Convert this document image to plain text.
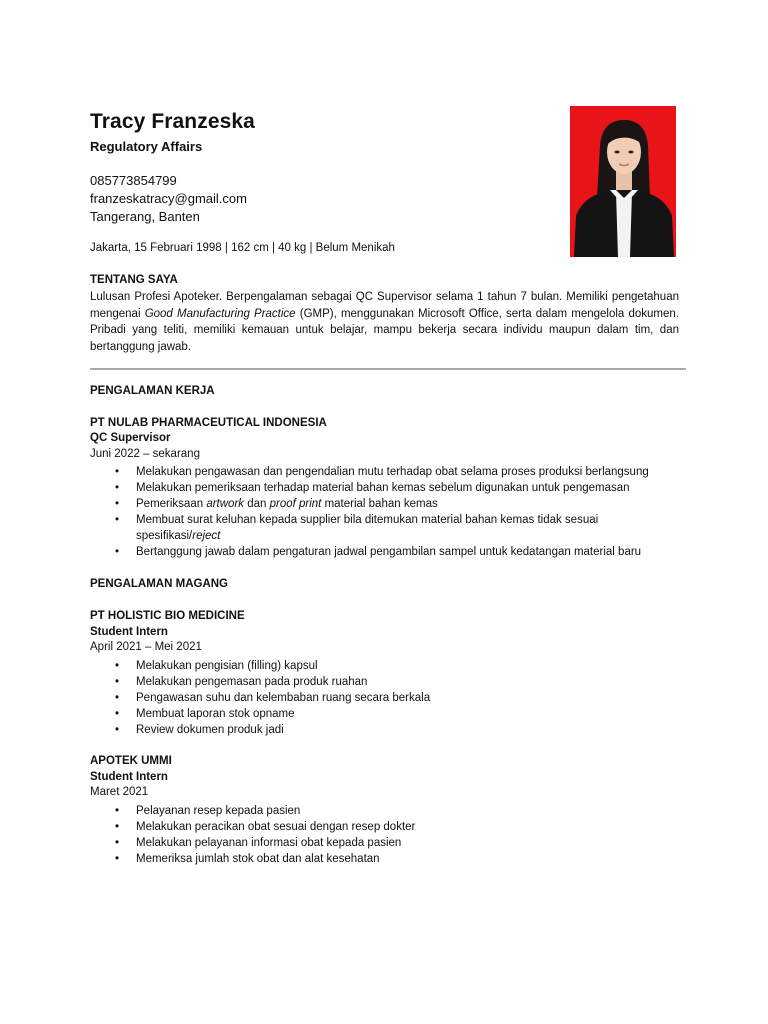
Tracy Franzeska
Regulatory Affairs
085773854799
franzeskatracy@gmail.com
Tangerang, Banten
Jakarta, 15 Februari 1998 | 162 cm | 40 kg | Belum Menikah
TENTANG SAYA

Lulusan Profesi Apoteker. Berpengalaman sebagai QC Supervisor selama 1 tahun 7 bulan. Memiliki pengetahuan mengenai Good Manufacturing Practice (GMP), menggunakan Microsoft Office, serta dalam mengelola dokumen. Pribadi yang teliti, memiliki kemauan untuk belajar, mampu bekerja secara individu maupun dalam tim, dan bertanggung jawab.

PENGALAMAN KERJA
PT NULAB PHARMACEUTICAL INDONESIA
QC Supervisor
Juni 2022 – sekarang
• Melakukan pengawasan dan pengendalian mutu terhadap obat selama proses produksi berlangsung
• Melakukan pemeriksaan terhadap material bahan kemas sebelum digunakan untuk pengemasan
• Pemeriksaan artwork dan proof print material bahan kemas
• Membuat surat keluhan kepada supplier bila ditemukan material bahan kemas tidak sesuai spesifikasi/reject
• Bertanggung jawab dalam pengaturan jadwal pengambilan sampel untuk kedatangan material baru
PENGALAMAN MAGANG
PT HOLISTIC BIO MEDICINE
Student Intern
April 2021 – Mei 2021
• Melakukan pengisian (filling) kapsul
• Melakukan pengemasan pada produk ruahan
• Pengawasan suhu dan kelembaban ruang secara berkala
• Membuat laporan stok opname
• Review dokumen produk jadi
APOTEK UMMI
Student Intern
Maret 2021
• Pelayanan resep kepada pasien
• Melakukan peracikan obat sesuai dengan resep dokter
• Melakukan pelayanan informasi obat kepada pasien
• Memeriksa jumlah stok obat dan alat kesehatan
